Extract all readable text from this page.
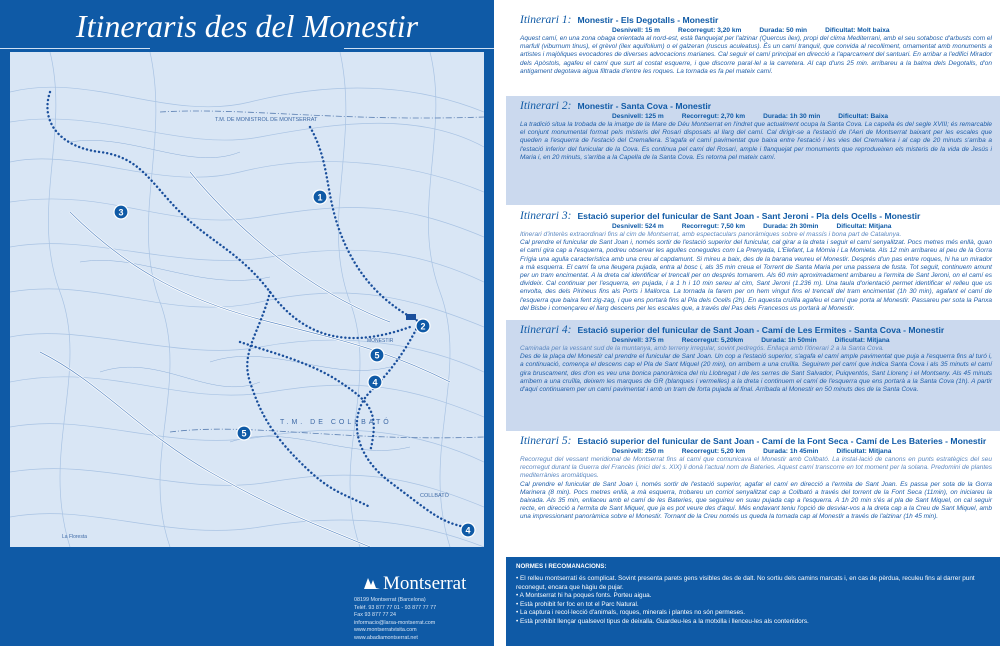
Itineraris des del Monestir
1
2
3
4
5
5
4
T.M. DE MONISTROL DE MONTSERRAT
T.M. DE COLLBATÓ
MONESTIR
COLLBATÓ
La Floresta
Montserrat
08199 Montserrat (Barcelona)
Telèf. 93 877 77 01 - 93 877 77 77
Fax 93 877 77 24
informacio@larsa-montserrat.com
www.montserratvisita.com
www.abadiamontserrat.net
Itinerari 1: Monestir - Els Degotalls - Monestir
Desnivell: 15 m	Recorregut: 3,20 km	Durada: 50 min	Dificultat: Molt baixa
Aquest camí, en una zona obaga orientada al nord-est, està flanquejat per l'alzinar (Quercus ilex), propi del clima Mediterrani, amb el seu sotabosc d'arbusts com el marfull (viburnum tinus), el grèvol (ilex aquifolium) o el galzeran (ruscus aculeatus). És un camí tranquil, que convida al recolliment, ornamentat amb monuments a artistes i majòliques evocadores de diverses advocacions marianes. Cal seguir el camí principal en direcció a l'aparcament del santuari. En arribar a l'edifici Mirador dels Apòstols, agafeu el camí que surt al costat esquerre, i que discorre paral·lel a la carretera. Al cap d'uns 25 min. arribareu a la balma dels Degotalls, d'on antigament degotava aigua filtrada d'entre les roques. La tornada es fa pel mateix camí.
Itinerari 2: Monestir - Santa Cova - Monestir
Desnivell: 125 m	Recorregut: 2,70 km	Durada: 1h 30 min	Dificultat: Baixa
La tradició situa la trobada de la imatge de la Mare de Déu Montserrat en l'indret que actualment ocupa la Santa Cova. La capella és del segle XVIII; és remarcable el conjunt monumental format pels misteris del Rosari disposats al llarg del camí. Cal dirigir-se a l'estació de l'Aeri de Montserrat baixant per les escales que queden a l'esquerra de l'estació del Cremallera. S'agafa el camí pavimentat que baixa entre l'estació i les vies del Cremallera i al cap de 20 minuts s'arriba a l'estació inferior del funicular de la Cova. Es continua pel camí del Rosari, ample i flanquejat per monuments que reprodueixen els misteris de la vida de Jesús i Maria i, en 20 minuts, s'arriba a la Capella de la Santa Cova. Es retorna pel mateix camí.
Itinerari 3: Estació superior del funicular de Sant Joan - Sant Jeroni - Pla dels Ocells - Monestir
Desnivell: 524 m	Recorregut: 7,50 km	Durada: 2h 30min	Dificultat: Mitjana
Itinerari d'interès extraordinari fins al cim de Montserrat, amb espectaculars panoràmiques sobre el massís i bona part de Catalunya.
Cal prendre el funicular de Sant Joan i, només sortir de l'estació superior del funicular, cal girar a la dreta i seguir el camí senyalitzat. Pocs metres més enllà, quan el camí gira cap a l'esquerra, podreu observar les agulles conegudes com La Prenyada, L'Elefant, La Mòmia i La Momieta. Als 12 min arribareu al peu de la Gorra Frígia una agulla característica amb una creu al capdamunt. Si mireu a baix, des de la barana veureu el Monestir. Després d'un pas entre roques, hi ha un mirador a mà esquerra. El camí fa una lleugera pujada, entra al bosc i, als 35 min creua el Torrent de Santa Maria per una passera de fusta. Tot seguit, continuem amunt per un tram encimentat. A la dreta cal identificar el trencall per on després tornarem. Als 60 min aproximadament arribareu a l'ermita de Sant Jeroni, on el camí es divideix. Cal continuar per l'esquerra, en pujada, i a 1 h i 10 min sereu al cim, Sant Jeroni (1.236 m). Una taula d'orientació permet identificar el relleu que us envolta, des dels Pirineus fins als Ports i Mallorca. La tornada la farem per on hem vingut fins el trencall del tram encimentat (1h 30 min), agafant el camí de l'esquerra que baixa fent zig-zag, i que ens portarà fins al Pla dels Ocells (2h). En aquesta cruïlla agafeu el camí que porta al Monestir. Passareu per sota la Panxa del Bisbe i començareu el llarg descens per les escales que, a través del Pas dels Francesos us portarà al Monestir.
Itinerari 4: Estació superior del funicular de Sant Joan - Camí de Les Ermites - Santa Cova - Monestir
Desnivell: 375 m	Recorregut: 5,20km	Durada: 1h 50min	Dificultat: Mitjana
Caminada per la vessant sud de la muntanya, amb terreny irregular, sovint pedregós. Enllaça amb l'itinerari 2 a la Santa Cova.
Des de la plaça del Monestir cal prendre el funicular de Sant Joan. Un cop a l'estació superior, s'agafa el camí ample pavimentat que puja a l'esquerra fins al turó i, a continuació, comença el descens cap el Pla de Sant Miquel (20 min), on arribem a una cruïlla. Seguirem pel camí que indica Santa Cova i als 35 minuts el camí gira bruscament, des d'on es veu una bonica panoràmica del riu Llobregat i de les serres de Sant Salvador, Puiqventós, Sant Llorenç i el Montseny. Als 45 minuts arribem a una cruïlla, deixem les marques de GR (blanques i vermelles) a la dreta i continuem el camí de l'esquerra que ens portarà a la Santa Cova (1h). A partir d'aquí continuarem per un camí pavimentat i amb un tram de forta pujada al final. Arribada al Monestir en 50 minuts des de la Santa Cova.
Itinerari 5: Estació superior del funicular de Sant Joan - Camí de la Font Seca - Camí de Les Bateries - Monestir
Desnivell: 250 m	Recorregut: 5,20 km	Durada: 1h 45min	Dificultat: Mitjana
Recorregut del vessant meridional de Montserrat fins al camí que comunicava el Monestir amb Collbató. La instal·lació de canons en punts estratègics del seu recorregut durant la Guerra del Francès (inici del s. XIX) li donà l'actual nom de Bateries. Aquest camí transcorre en tot moment per la solana. Predomini de plantes mediterrànies aromàtiques.
Cal prendre el funicular de Sant Joan i, només sortir de l'estació superior, agafar el camí en direcció a l'ermita de Sant Joan. Es passa per sota de la Gorra Marinera (8 min). Pocs metres enllà, a mà esquerra, trobareu un corriol senyalitzat cap a Collbató a través del torrent de la Font Seca (11min), on iniciareu la baixada. Als 35 min, enllaceu amb el camí de les Bateries, que seguireu en suau pujada cap a l'esquerra. A 1h 20 min s'és al pla de Sant Miquel, on cal seguir recte, en direcció a l'ermita de Sant Miquel, que ja es pot veure des d'aquí. Més endavant teniu l'opció de desviar-vos a la dreta cap a la Creu de Sant Miquel, amb una impressionant panoràmica sobre el Monestir. Tornant de la Creu només us queda la tornada cap al Monestir a través de l'alzinar (1h 45 min).
NORMES I RECOMANACIONS:
• El relleu montserratí és complicat. Sovint presenta parets gens visibles des de dalt. No sortiu dels camins marcats i, en cas de pèrdua, reculeu fins al darrer punt reconegut, encara que hàgiu de pujar.
• A Montserrat hi ha poques fonts. Porteu aigua.
• Està prohibit fer foc en tot el Parc Natural.
• La captura i recol·lecció d'animals, roques, minerals i plantes no són permeses.
• Està prohibit llençar qualsevol tipus de deixalla. Guardeu-les a la motxilla i llenceu-les als contenidors.
